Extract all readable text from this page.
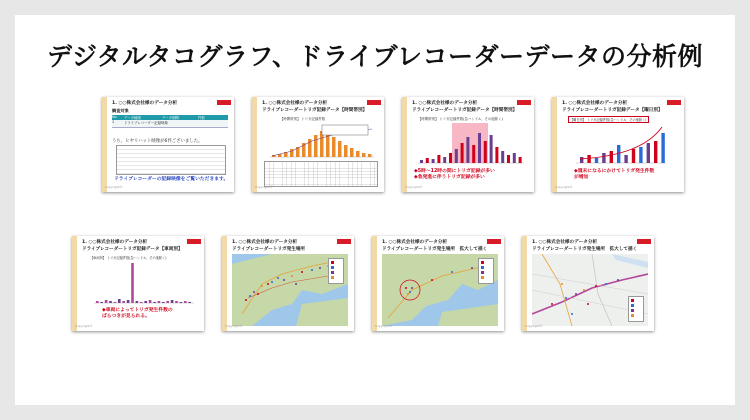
デジタルタコグラフ、ドライブレコーダーデータの分析例
1. ○○株式会社様のデータ分析
調査対象
No.	データ種別	データ期間	件数
1	ドライブレコーダー記録映像
うち、ヒヤリハット映像が6件ございました。
ドライブレコーダーの記録映像をご覧いただきます。
Copyright©
1. ○○株式会社様のデータ分析
ドライブレコーダートリガ記録データ【時間帯別】
【時間帯別】 トリガ記録件数
Copyright©
1. ○○株式会社様のデータ分析
ドライブレコーダートリガ記録データ【時間帯別】
【時間帯別】 トリガ記録件数(急ハンドル、その他除く)
◆5時～12時の間にトリガ記録が多い
◆急発進に伴うトリガ記録が多い
Copyright©
1. ○○株式会社様のデータ分析
ドライブレコーダートリガ記録データ【曜日別】
【曜日別】 トリガ記録件数(急ハンドル、その他除く)
◆週末になるにかけてトリガ発生件数
が増加
Copyright©
1. ○○株式会社様のデータ分析
ドライブレコーダートリガ記録データ【車両別】
【車両別】 トリガ記録件数(急ハンドル、その他除く)
◆車両によってトリガ発生件数の
ばらつきが見られる。
Copyright©
1. ○○株式会社様のデータ分析
ドライブレコーダートリガ発生場所
Copyright©
1. ○○株式会社様のデータ分析
ドライブレコーダートリガ発生場所　拡大して描く
Copyright©
1. ○○株式会社様のデータ分析
ドライブレコーダートリガ発生場所　拡大して描く
Copyright©
